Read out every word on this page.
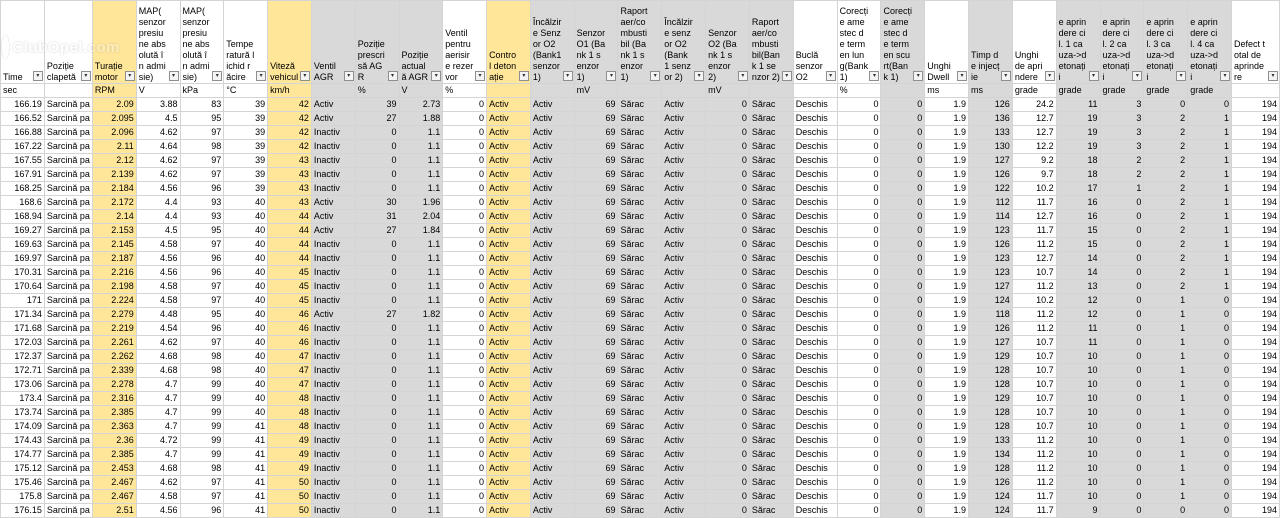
Time ▾	Poziție clapetă ▾	Turație motor ▾	MAP( senzor presiune absolută în admisie) ▾	MAP( senzor presiune absolută în admisie) ▾	Temperatură lichid răcire ▾	Viteză vehicul ▾	Ventil AGR ▾	Poziție prescrisă AGR ▾	Poziție actuală AGR ▾	Ventil pentru aerisire rezervor ▾	Control detonație ▾	Încălzire Senzor O2 (Bank1 senzor1) ▾	Senzor O1 (Bank 1 senzor 1) ▾	Raport aer/combustibil (Bank 1 senzor 1) ▾	Încălzire senzor O2(Bank 1 senzor 2) ▾	Senzor O2 (Bank 1 senzor 2) ▾	Raport aer/combustibil(Bank 1 senzor 2) ▾	Buclă senzor O2 ▾	Corecție amestec de termen lung(Bank 1) ▾	Corecție amestec de termen scurt(Bank 1) ▾	Unghi Dwell ▾	Timp de injecție ▾	Unghi de aprindere ▾	e aprindere cil. 1 cauza->detonații ▾	e aprindere cil. 2 cauza->detonații ▾	e aprindere cil. 3 cauza->detonații ▾	e aprindere cil. 4 cauza->detonații ▾	Defect total de aprindere ▾

sec		RPM	V	kPa	°C	km/h		%	V	%			mV			mV			%		ms	ms	grade	grade	grade	grade	grade	
166.19	Sarcină pa	2.09	3.88	83	39	42	Activ	39	2.73	0	Activ	Activ	69	Sărac	Activ	0	Sărac	Deschis	0	0	1.9	126	24.2	11	3	0	0	194
166.52	Sarcină pa	2.095	4.5	95	39	42	Activ	27	1.88	0	Activ	Activ	69	Sărac	Activ	0	Sărac	Deschis	0	0	1.9	136	12.7	19	3	2	1	194
166.88	Sarcină pa	2.096	4.62	97	39	42	Inactiv	0	1.1	0	Activ	Activ	69	Sărac	Activ	0	Sărac	Deschis	0	0	1.9	133	12.7	19	3	2	1	194
167.22	Sarcină pa	2.11	4.64	98	39	42	Inactiv	0	1.1	0	Activ	Activ	69	Sărac	Activ	0	Sărac	Deschis	0	0	1.9	130	12.2	19	3	2	1	194
167.55	Sarcină pa	2.12	4.62	97	39	43	Inactiv	0	1.1	0	Activ	Activ	69	Sărac	Activ	0	Sărac	Deschis	0	0	1.9	127	9.2	18	2	2	1	194
167.91	Sarcină pa	2.139	4.62	97	39	43	Inactiv	0	1.1	0	Activ	Activ	69	Sărac	Activ	0	Sărac	Deschis	0	0	1.9	126	9.7	18	2	2	1	194
168.25	Sarcină pa	2.184	4.56	96	39	43	Inactiv	0	1.1	0	Activ	Activ	69	Sărac	Activ	0	Sărac	Deschis	0	0	1.9	122	10.2	17	1	2	1	194
168.6	Sarcină pa	2.172	4.4	93	40	43	Activ	30	1.96	0	Activ	Activ	69	Sărac	Activ	0	Sărac	Deschis	0	0	1.9	112	11.7	16	0	2	1	194
168.94	Sarcină pa	2.14	4.4	93	40	44	Activ	31	2.04	0	Activ	Activ	69	Sărac	Activ	0	Sărac	Deschis	0	0	1.9	114	12.7	16	0	2	1	194
169.27	Sarcină pa	2.153	4.5	95	40	44	Activ	27	1.84	0	Activ	Activ	69	Sărac	Activ	0	Sărac	Deschis	0	0	1.9	123	11.7	15	0	2	1	194
169.63	Sarcină pa	2.145	4.58	97	40	44	Inactiv	0	1.1	0	Activ	Activ	69	Sărac	Activ	0	Sărac	Deschis	0	0	1.9	126	11.2	15	0	2	1	194
169.97	Sarcină pa	2.187	4.56	96	40	44	Inactiv	0	1.1	0	Activ	Activ	69	Sărac	Activ	0	Sărac	Deschis	0	0	1.9	123	12.7	14	0	2	1	194
170.31	Sarcină pa	2.216	4.56	96	40	45	Inactiv	0	1.1	0	Activ	Activ	69	Sărac	Activ	0	Sărac	Deschis	0	0	1.9	123	10.7	14	0	2	1	194
170.64	Sarcină pa	2.198	4.58	97	40	45	Inactiv	0	1.1	0	Activ	Activ	69	Sărac	Activ	0	Sărac	Deschis	0	0	1.9	127	11.2	13	0	2	1	194
171	Sarcină pa	2.224	4.58	97	40	45	Inactiv	0	1.1	0	Activ	Activ	69	Sărac	Activ	0	Sărac	Deschis	0	0	1.9	124	10.2	12	0	1	0	194
171.34	Sarcină pa	2.279	4.48	95	40	46	Activ	27	1.82	0	Activ	Activ	69	Sărac	Activ	0	Sărac	Deschis	0	0	1.9	118	11.2	12	0	1	0	194
171.68	Sarcină pa	2.219	4.54	96	40	46	Inactiv	0	1.1	0	Activ	Activ	69	Sărac	Activ	0	Sărac	Deschis	0	0	1.9	126	11.2	11	0	1	0	194
172.03	Sarcină pa	2.261	4.62	97	40	46	Inactiv	0	1.1	0	Activ	Activ	69	Sărac	Activ	0	Sărac	Deschis	0	0	1.9	127	10.7	11	0	1	0	194
172.37	Sarcină pa	2.262	4.68	98	40	47	Inactiv	0	1.1	0	Activ	Activ	69	Sărac	Activ	0	Sărac	Deschis	0	0	1.9	129	10.7	10	0	1	0	194
172.71	Sarcină pa	2.339	4.68	98	40	47	Inactiv	0	1.1	0	Activ	Activ	69	Sărac	Activ	0	Sărac	Deschis	0	0	1.9	128	10.7	10	0	1	0	194
173.06	Sarcină pa	2.278	4.7	99	40	47	Inactiv	0	1.1	0	Activ	Activ	69	Sărac	Activ	0	Sărac	Deschis	0	0	1.9	128	10.7	10	0	1	0	194
173.4	Sarcină pa	2.316	4.7	99	40	48	Inactiv	0	1.1	0	Activ	Activ	69	Sărac	Activ	0	Sărac	Deschis	0	0	1.9	129	10.7	10	0	1	0	194
173.74	Sarcină pa	2.385	4.7	99	40	48	Inactiv	0	1.1	0	Activ	Activ	69	Sărac	Activ	0	Sărac	Deschis	0	0	1.9	128	10.7	10	0	1	0	194
174.09	Sarcină pa	2.363	4.7	99	41	48	Inactiv	0	1.1	0	Activ	Activ	69	Sărac	Activ	0	Sărac	Deschis	0	0	1.9	128	10.7	10	0	1	0	194
174.43	Sarcină pa	2.36	4.72	99	41	49	Inactiv	0	1.1	0	Activ	Activ	69	Sărac	Activ	0	Sărac	Deschis	0	0	1.9	133	11.2	10	0	1	0	194
174.77	Sarcină pa	2.385	4.7	99	41	49	Inactiv	0	1.1	0	Activ	Activ	69	Sărac	Activ	0	Sărac	Deschis	0	0	1.9	134	11.2	10	0	1	0	194
175.12	Sarcină pa	2.453	4.68	98	41	49	Inactiv	0	1.1	0	Activ	Activ	69	Sărac	Activ	0	Sărac	Deschis	0	0	1.9	128	11.2	10	0	1	0	194
175.46	Sarcină pa	2.467	4.62	97	41	50	Inactiv	0	1.1	0	Activ	Activ	69	Sărac	Activ	0	Sărac	Deschis	0	0	1.9	126	11.2	10	0	1	0	194
175.8	Sarcină pa	2.467	4.58	97	41	50	Inactiv	0	1.1	0	Activ	Activ	69	Sărac	Activ	0	Sărac	Deschis	0	0	1.9	124	11.7	10	0	1	0	194
176.15	Sarcină pa	2.51	4.56	96	41	50	Inactiv	0	1.1	0	Activ	Activ	69	Sărac	Activ	0	Sărac	Deschis	0	0	1.9	124	11.7	9	0	0	0	194
ClubOpel.com
